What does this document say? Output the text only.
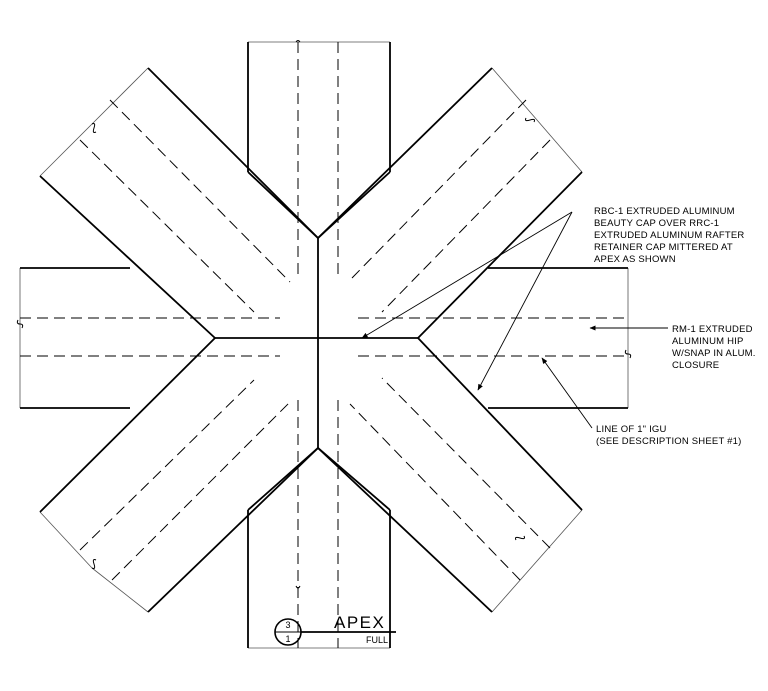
RBC-1 EXTRUDED ALUMINUM
BEAUTY CAP OVER RRC-1
EXTRUDED ALUMINUM RAFTER
RETAINER CAP MITTERED AT
APEX AS SHOWN
RM-1 EXTRUDED
ALUMINUM HIP
W/SNAP IN ALUM.
CLOSURE
LINE OF 1" IGU
(SEE DESCRIPTION SHEET #1)
3
1
APEX
FULL
